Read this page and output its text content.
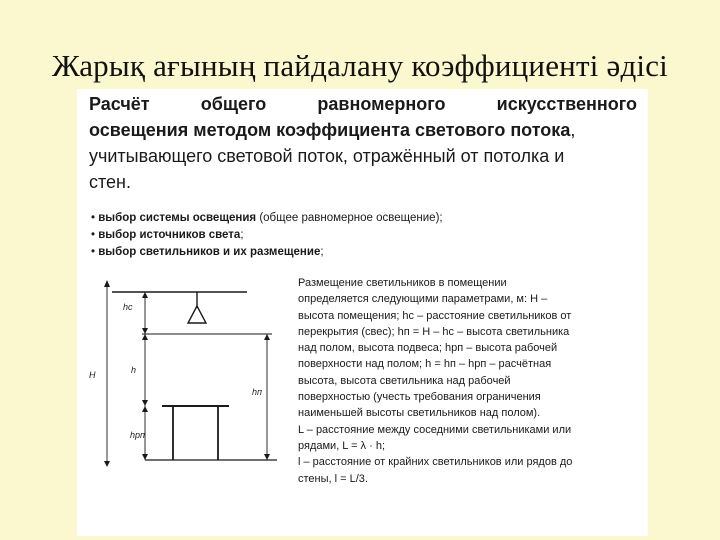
Жарық ағының пайдалану коэффициенті әдісі
Расчёт	общего	равномерного	искусственного
освещения методом коэффициента светового потока,
учитывающего световой поток, отражённый от потолка и
стен.
• выбор системы освещения (общее равномерное освещение);
• выбор источников света;
• выбор светильников и их размещение;
hс
H	h
hп
hрп

Размещение светильников в помещении

определяется следующими параметрами, м: H –

высота помещения; hс – расстояние светильников от

перекрытия (свес); hп = H – hс – высота светильника

над полом, высота подвеса; hрп – высота рабочей

поверхности над полом; h = hп – hрп – расчётная

высота, высота светильника над рабочей

поверхностью (учесть требования ограничения

наименьшей высоты светильников над полом).

L – расстояние между соседними светильниками или

рядами, L = λ · h;

l – расстояние от крайних светильников или рядов до

стены, l = L/3.
